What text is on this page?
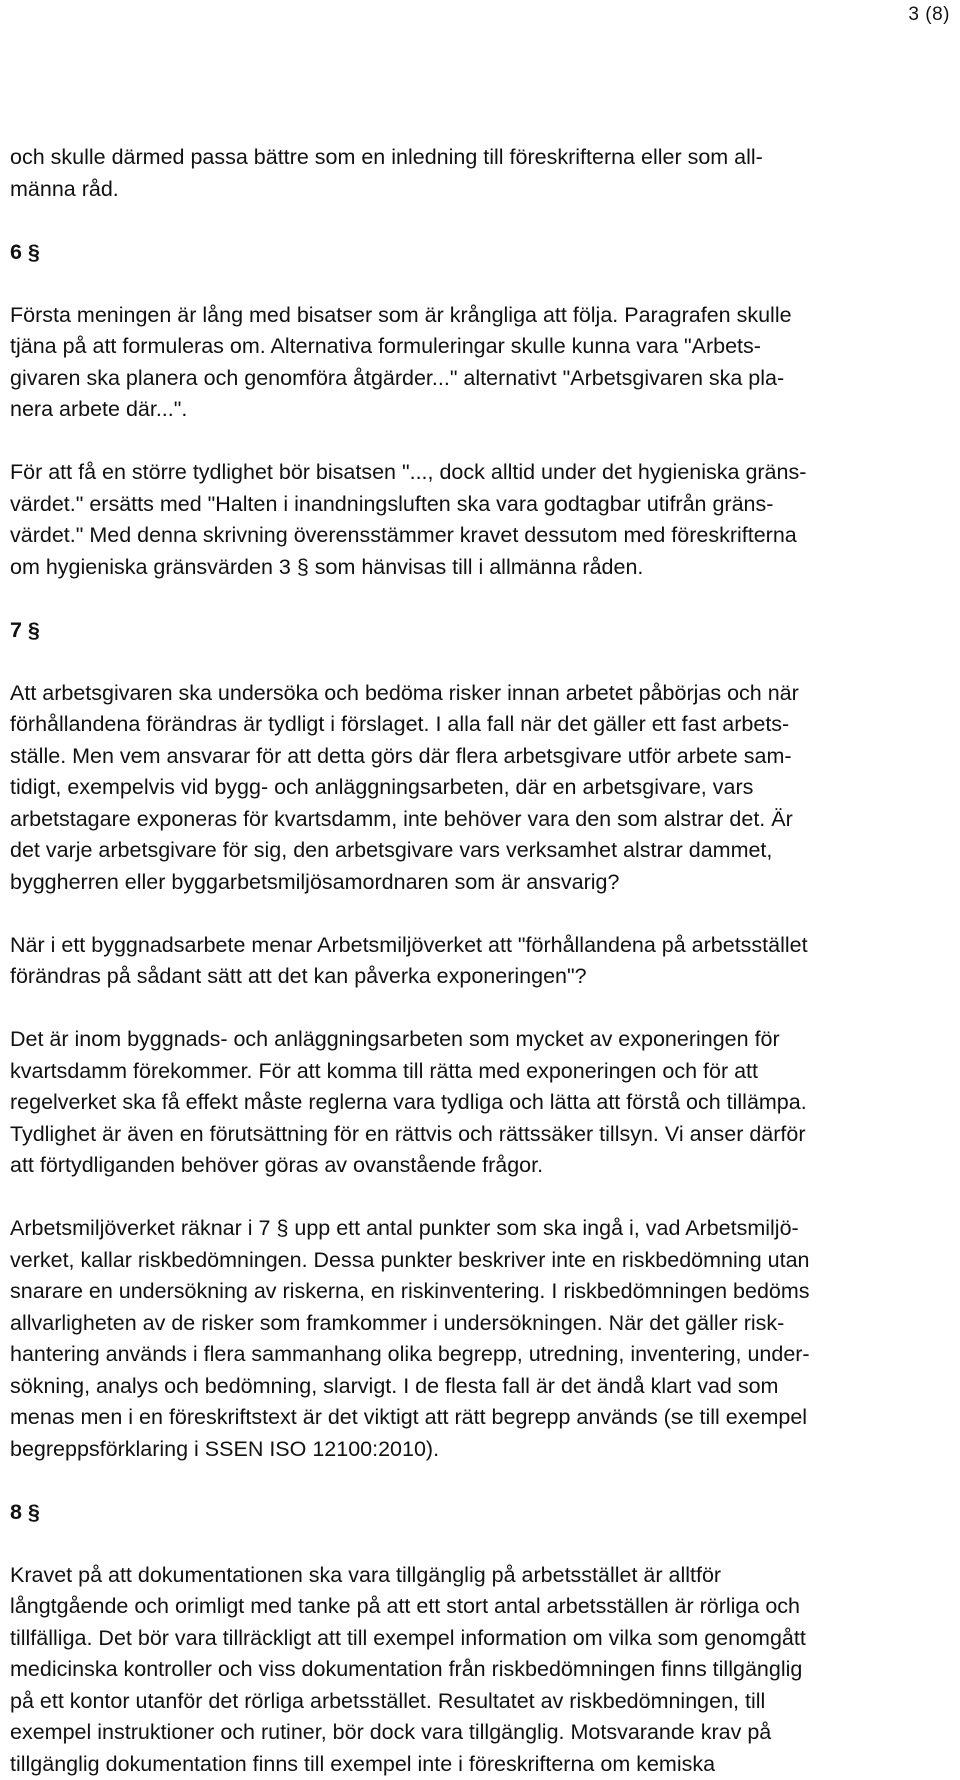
3 (8)
och skulle därmed passa bättre som en inledning till föreskrifterna eller som all-
männa råd.
6 §
Första meningen är lång med bisatser som är krångliga att följa. Paragrafen skulle
tjäna på att formuleras om. Alternativa formuleringar skulle kunna vara "Arbets-
givaren ska planera och genomföra åtgärder..." alternativt "Arbetsgivaren ska pla-
nera arbete där...".
För att få en större tydlighet bör bisatsen "..., dock alltid under det hygieniska gräns-
värdet." ersätts med "Halten i inandningsluften ska vara godtagbar utifrån gräns-
värdet." Med denna skrivning överensstämmer kravet dessutom med föreskrifterna
om hygieniska gränsvärden 3 § som hänvisas till i allmänna råden.
7 §
Att arbetsgivaren ska undersöka och bedöma risker innan arbetet påbörjas och när
förhållandena förändras är tydligt i förslaget. I alla fall när det gäller ett fast arbets-
ställe. Men vem ansvarar för att detta görs där flera arbetsgivare utför arbete sam-
tidigt, exempelvis vid bygg- och anläggningsarbeten, där en arbetsgivare, vars
arbetstagare exponeras för kvartsdamm, inte behöver vara den som alstrar det. Är
det varje arbetsgivare för sig, den arbetsgivare vars verksamhet alstrar dammet,
byggherren eller byggarbetsmiljösamordnaren som är ansvarig?
När i ett byggnadsarbete menar Arbetsmiljöverket att "förhållandena på arbetsstället
förändras på sådant sätt att det kan påverka exponeringen"?
Det är inom byggnads- och anläggningsarbeten som mycket av exponeringen för
kvartsdamm förekommer. För att komma till rätta med exponeringen och för att
regelverket ska få effekt måste reglerna vara tydliga och lätta att förstå och tillämpa.
Tydlighet är även en förutsättning för en rättvis och rättssäker tillsyn. Vi anser därför
att förtydliganden behöver göras av ovanstående frågor.
Arbetsmiljöverket räknar i 7 § upp ett antal punkter som ska ingå i, vad Arbetsmiljö-
verket, kallar riskbedömningen. Dessa punkter beskriver inte en riskbedömning utan
snarare en undersökning av riskerna, en riskinventering. I riskbedömningen bedöms
allvarligheten av de risker som framkommer i undersökningen. När det gäller risk-
hantering används i flera sammanhang olika begrepp, utredning, inventering, under-
sökning, analys och bedömning, slarvigt. I de flesta fall är det ändå klart vad som
menas men i en föreskriftstext är det viktigt att rätt begrepp används (se till exempel
begreppsförklaring i SSEN ISO 12100:2010).
8 §
Kravet på att dokumentationen ska vara tillgänglig på arbetsstället är alltför
långtgående och orimligt med tanke på att ett stort antal arbetsställen är rörliga och
tillfälliga. Det bör vara tillräckligt att till exempel information om vilka som genomgått
medicinska kontroller och viss dokumentation från riskbedömningen finns tillgänglig
på ett kontor utanför det rörliga arbetsstället. Resultatet av riskbedömningen, till
exempel instruktioner och rutiner, bör dock vara tillgänglig. Motsvarande krav på
tillgänglig dokumentation finns till exempel inte i föreskrifterna om kemiska
